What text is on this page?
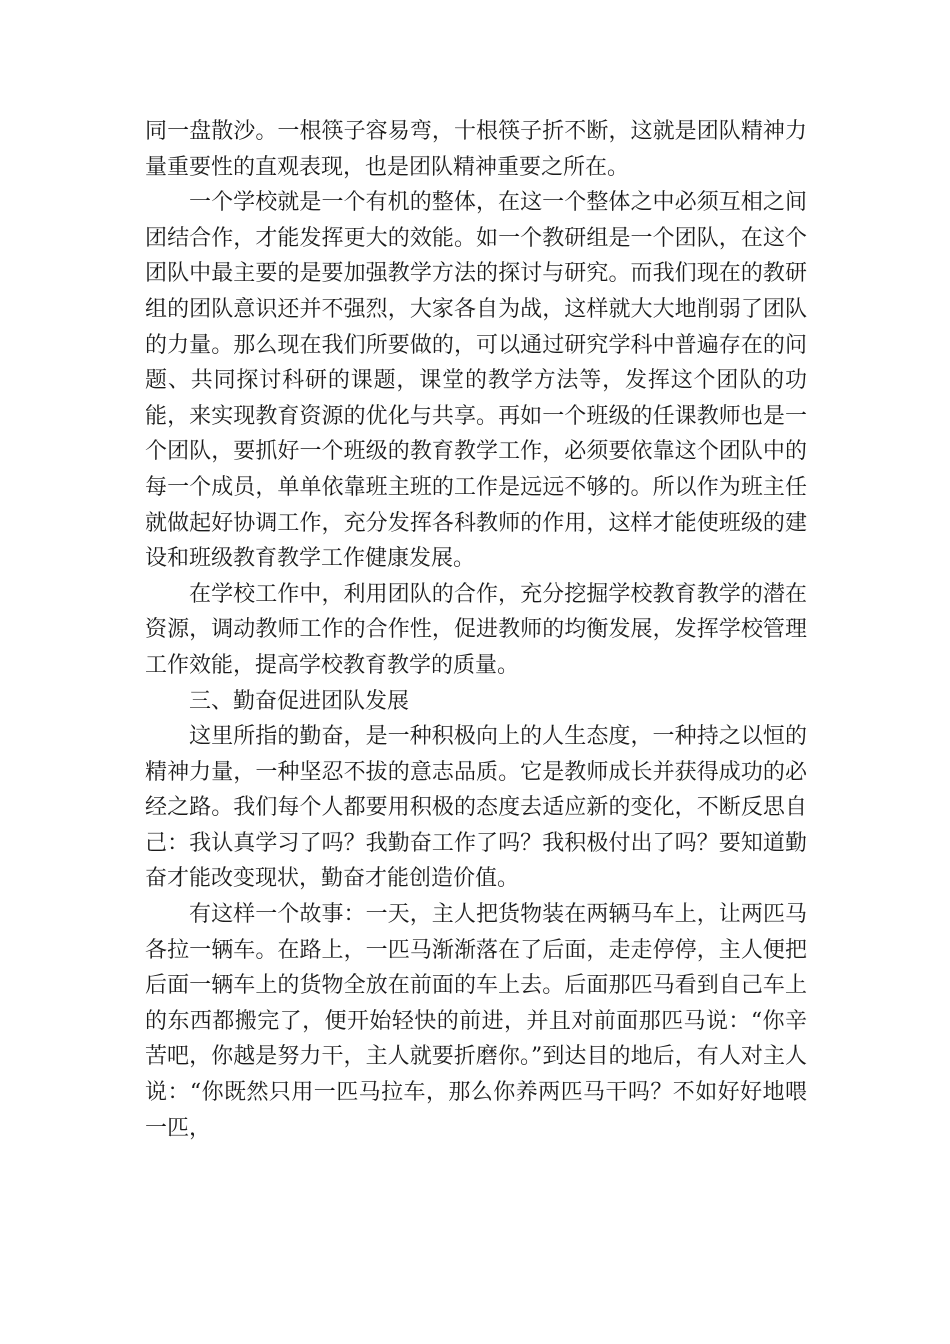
同一盘散沙。一根筷子容易弯，十根筷子折不断，这就是团队精神力量重要性的直观表现，也是团队精神重要之所在。

一个学校就是一个有机的整体，在这一个整体之中必须互相之间团结合作，才能发挥更大的效能。如一个教研组是一个团队，在这个团队中最主要的是要加强教学方法的探讨与研究。而我们现在的教研组的团队意识还并不强烈，大家各自为战，这样就大大地削弱了团队的力量。那么现在我们所要做的，可以通过研究学科中普遍存在的问题、共同探讨科研的课题，课堂的教学方法等，发挥这个团队的功能，来实现教育资源的优化与共享。再如一个班级的任课教师也是一个团队，要抓好一个班级的教育教学工作，必须要依靠这个团队中的每一个成员，单单依靠班主班的工作是远远不够的。所以作为班主任就做起好协调工作，充分发挥各科教师的作用，这样才能使班级的建设和班级教育教学工作健康发展。

在学校工作中，利用团队的合作，充分挖掘学校教育教学的潜在资源，调动教师工作的合作性，促进教师的均衡发展，发挥学校管理工作效能，提高学校教育教学的质量。

三、勤奋促进团队发展

这里所指的勤奋，是一种积极向上的人生态度，一种持之以恒的精神力量，一种坚忍不拔的意志品质。它是教师成长并获得成功的必经之路。我们每个人都要用积极的态度去适应新的变化，不断反思自己：我认真学习了吗？我勤奋工作了吗？我积极付出了吗？要知道勤奋才能改变现状，勤奋才能创造价值。

有这样一个故事：一天，主人把货物装在两辆马车上，让两匹马各拉一辆车。在路上，一匹马渐渐落在了后面，走走停停，主人便把后面一辆车上的货物全放在前面的车上去。后面那匹马看到自己车上的东西都搬完了，便开始轻快的前进，并且对前面那匹马说：“你辛苦吧，你越是努力干，主人就要折磨你。”到达目的地后，有人对主人说：“你既然只用一匹马拉车，那么你养两匹马干吗？不如好好地喂一匹，
